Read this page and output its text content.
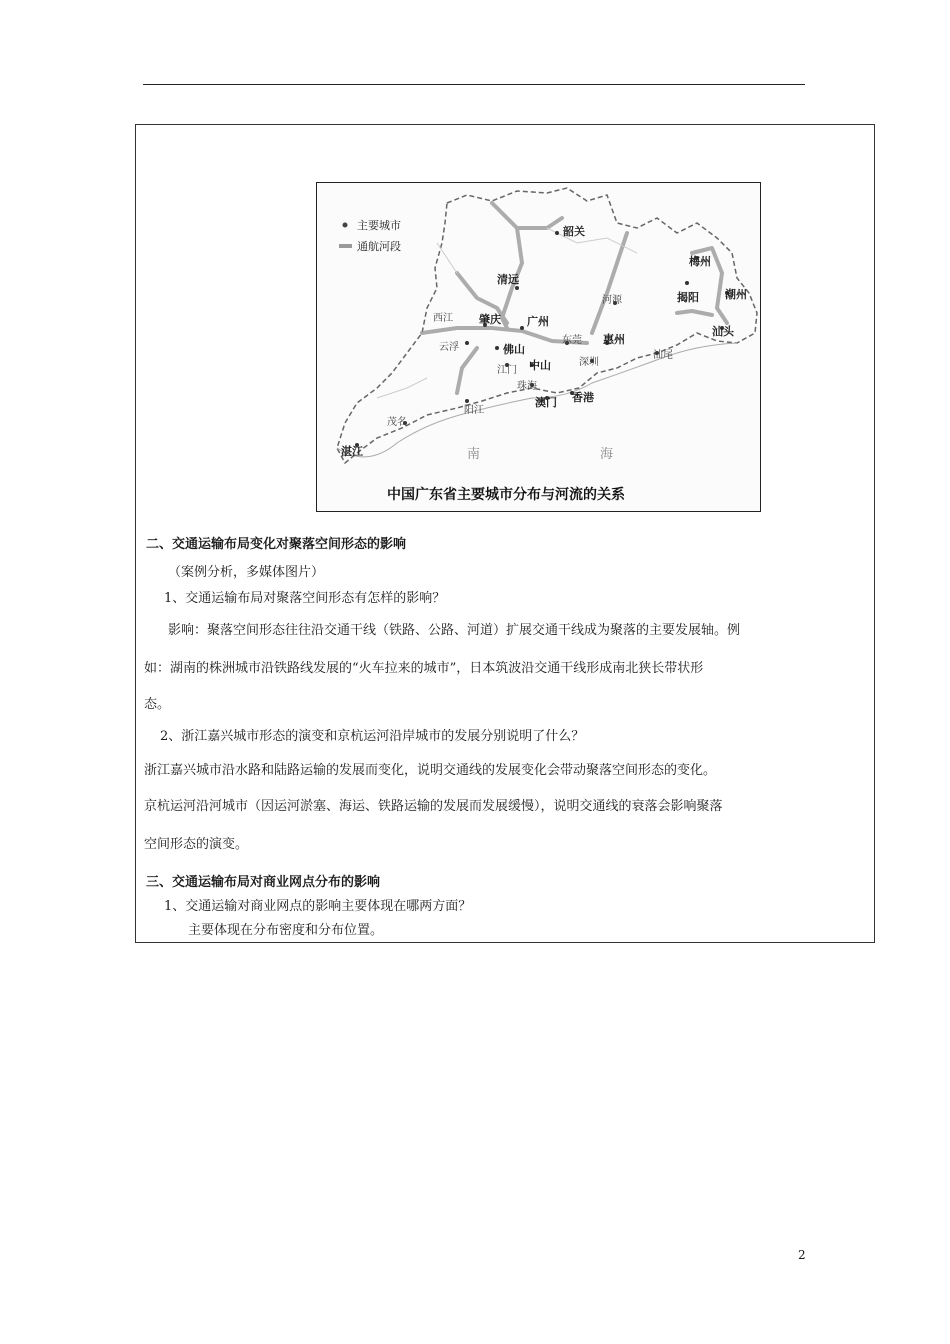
主要城市
通航河段
西江
韶关
清远
广州
肇庆
云浮	佛山
东莞 惠州
河源
梅州
揭阳 潮州
汕头
汕尾
深圳
中山
江门
珠海
澳门 香港
阳江
茂名
湛江	南海
中国广东省主要城市分布与河流的关系
二、交通运输布局变化对聚落空间形态的影响
（案例分析，多媒体图片）
1、交通运输布局对聚落空间形态有怎样的影响？
影响：聚落空间形态往往沿交通干线（铁路、公路、河道）扩展交通干线成为聚落的主要发展轴。例
如：湖南的株洲城市沿铁路线发展的“火车拉来的城市”，日本筑波沿交通干线形成南北狭长带状形
态。
2、浙江嘉兴城市形态的演变和京杭运河沿岸城市的发展分别说明了什么？
浙江嘉兴城市沿水路和陆路运输的发展而变化，说明交通线的发展变化会带动聚落空间形态的变化。
京杭运河沿河城市（因运河淤塞、海运、铁路运输的发展而发展缓慢），说明交通线的衰落会影响聚落
空间形态的演变。
三、交通运输布局对商业网点分布的影响
1、交通运输对商业网点的影响主要体现在哪两方面？
主要体现在分布密度和分布位置。
2
